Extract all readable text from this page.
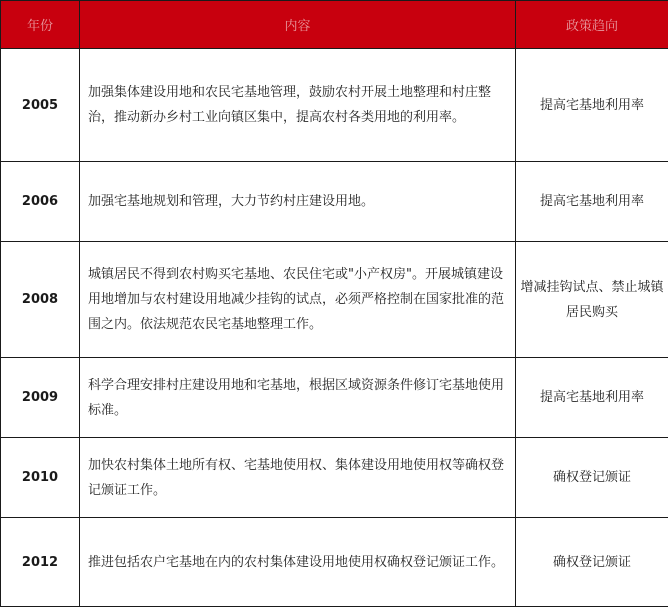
年份	内容	政策趋向
2005	加强集体建设用地和农民宅基地管理，鼓励农村开展土地整理和村庄整治，推动新办乡村工业向镇区集中，提高农村各类用地的利用率。	提高宅基地利用率
2006	加强宅基地规划和管理，大力节约村庄建设用地。	提高宅基地利用率
2008	城镇居民不得到农村购买宅基地、农民住宅或"小产权房"。开展城镇建设用地增加与农村建设用地减少挂钩的试点，必须严格控制在国家批准的范围之内。依法规范农民宅基地整理工作。	增减挂钩试点、禁止城镇居民购买
2009	科学合理安排村庄建设用地和宅基地，根据区域资源条件修订宅基地使用标准。	提高宅基地利用率
2010	加快农村集体土地所有权、宅基地使用权、集体建设用地使用权等确权登记颁证工作。	确权登记颁证
2012	推进包括农户宅基地在内的农村集体建设用地使用权确权登记颁证工作。	确权登记颁证
